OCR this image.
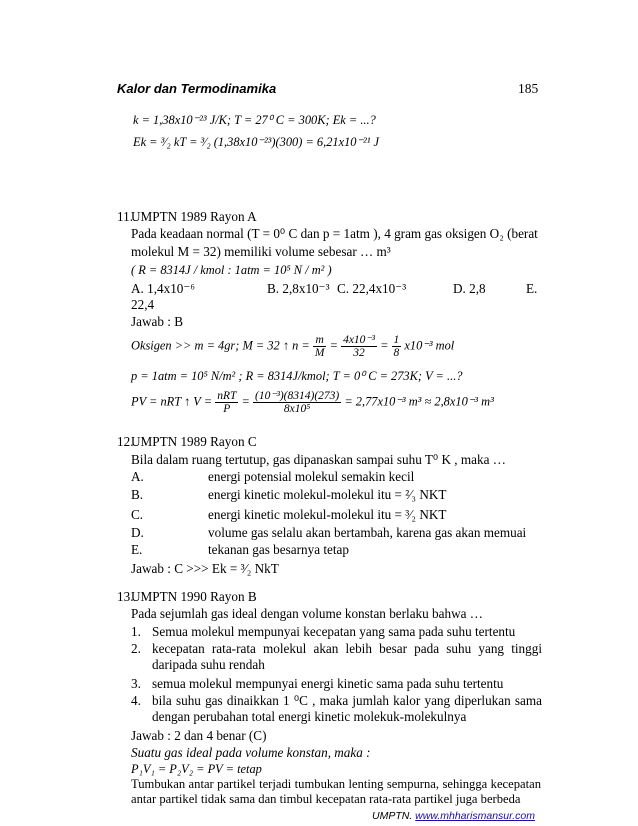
Kalor dan Termodinamika	185
k = 1,38x10⁻²³ J/K; T = 27⁰ C = 300K; Ek = ...?
Ek = ³⁄₂ kT = ³⁄₂ (1,38x10⁻²³)(300) = 6,21x10⁻²¹ J
11.
UMPTN 1989 Rayon A
Pada keadaan normal (T = 0⁰ C dan p = 1atm ), 4 gram gas oksigen O₂ (berat
molekul M = 32) memiliki volume sebesar … m³
( R = 8314J / kmol : 1atm = 10⁵ N / m² )
A. 1,4x10⁻⁶	B. 2,8x10⁻³ C. 22,4x10⁻³	D. 2,8	E.
22,4
Jawab : B
Oksigen >> m = 4gr; M = 32 ↑ $n = \frac{m}{M} = \frac{\text{4x10⁻³}}{32} = \frac{1}{8} x10^{-3}$ mol
p = 1atm = 10⁵ N/m² ; R = 8314J/kmol; T = 0⁰ C = 273K; V = ...?
PV = nRT ↑ $V = \frac{\text{nRT}}{P} = \frac{\text{(10⁻³)(8314)(273)}}{\text{8x10⁵}} = 2,77x10^{-3}$ m³ ≈ 2,8x10⁻³ m³
12.
UMPTN 1989 Rayon C
Bila dalam ruang tertutup, gas dipanaskan sampai suhu T⁰ K , maka …
A.	energi potensial molekul semakin kecil
B.	energi kinetic molekul-molekul itu = ²⁄₃ NKT
C.	energi kinetic molekul-molekul itu = ³⁄₂ NKT
D.	volume gas selalu akan bertambah, karena gas akan memuai
E.	tekanan gas besarnya tetap
Jawab : C >>> Ek = ³⁄₂ NkT
13.
UMPTN 1990 Rayon B
Pada sejumlah gas ideal dengan volume konstan berlaku bahwa …
1. Semua molekul mempunyai kecepatan yang sama pada suhu tertentu
2. kecepatan rata-rata molekul akan lebih besar pada suhu yang tinggi daripada suhu rendah
3. semua molekul mempunyai energi kinetic sama pada suhu tertentu
4. bila suhu gas dinaikkan 1 ⁰C , maka jumlah kalor yang diperlukan sama dengan perubahan total energi kinetic molekuk-molekulnya
Jawab : 2 dan 4 benar (C)
Suatu gas ideal pada volume konstan, maka :
P₁V₁ = P₂V₂ = PV = tetap
Tumbukan antar partikel terjadi tumbukan lenting sempurna, sehingga kecepatan antar partikel tidak sama dan timbul kecepatan rata-rata partikel juga berbeda
UMPTN. www.mhharismansur.com
